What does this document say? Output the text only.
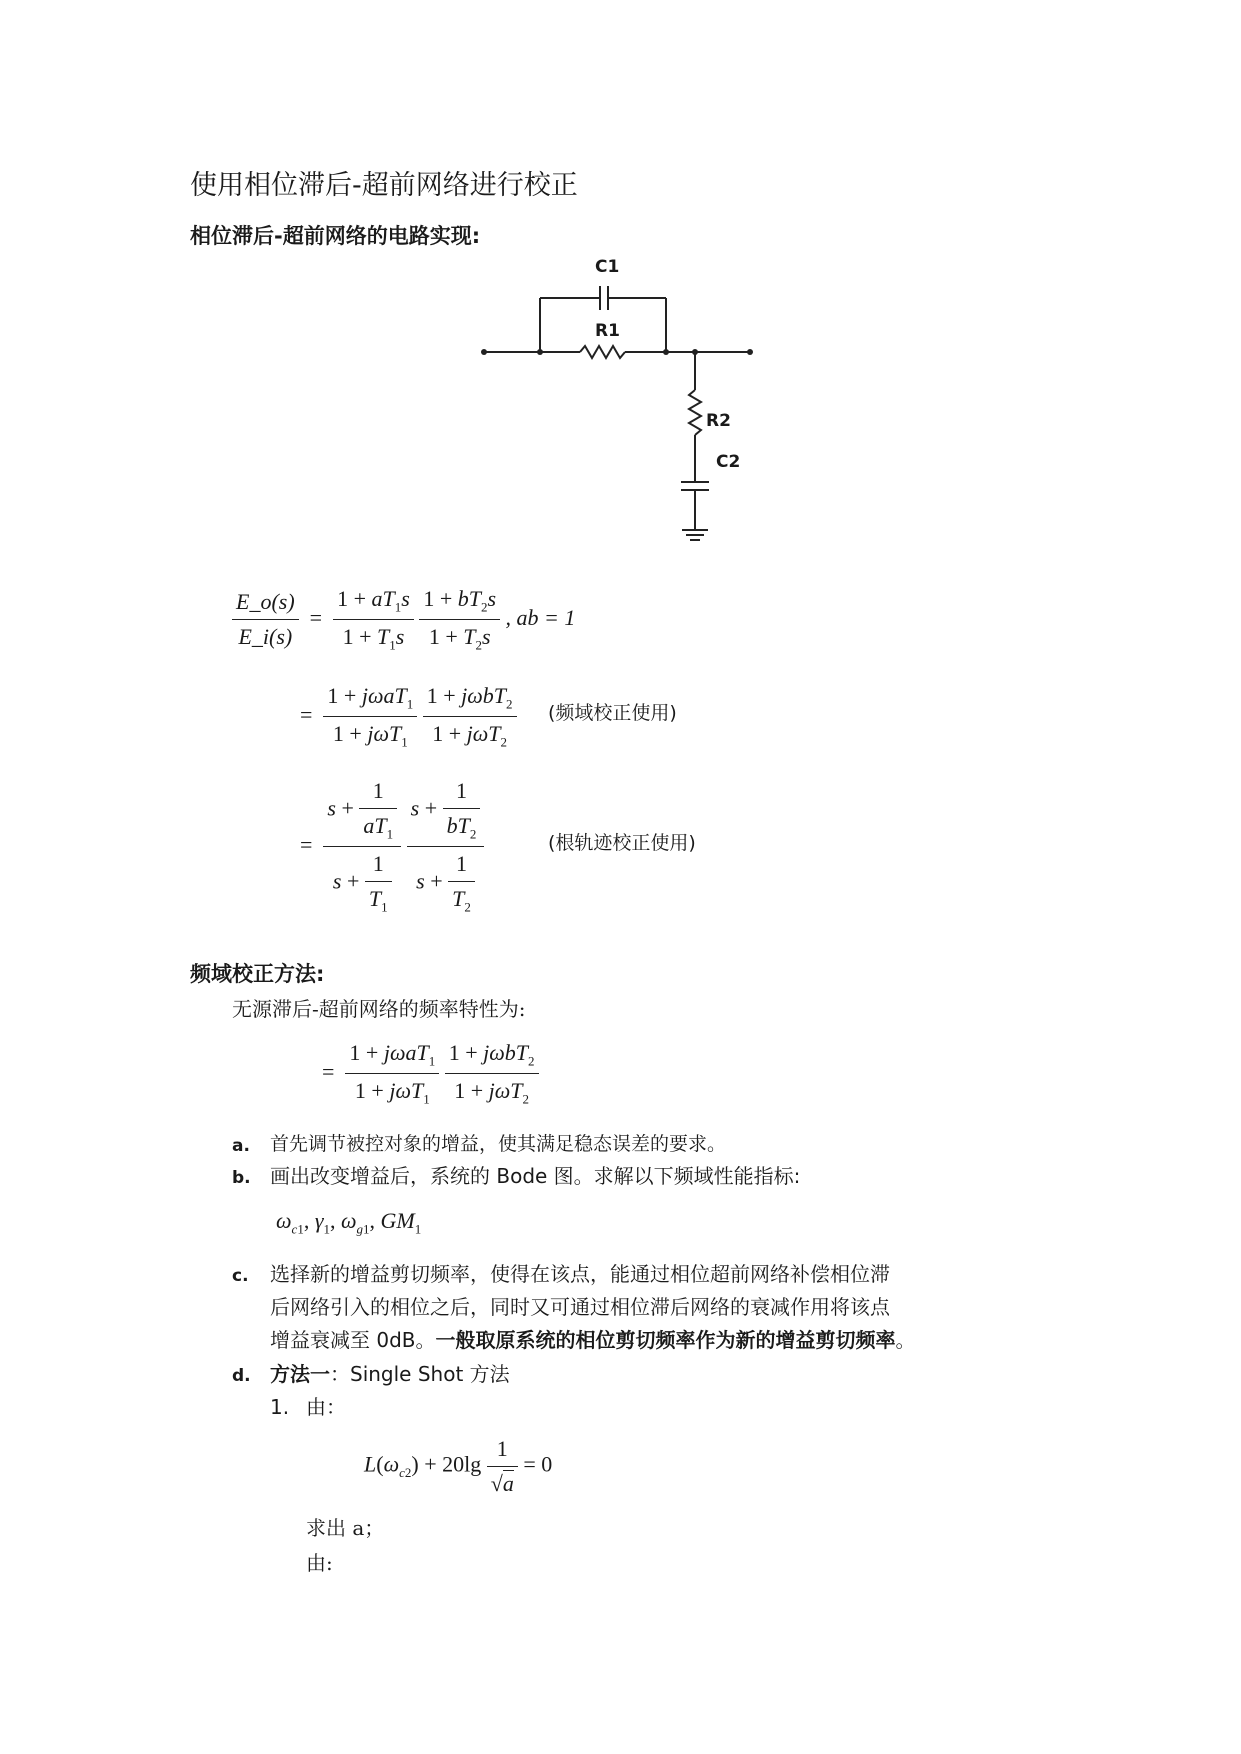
使用相位滞后-超前网络进行校正
相位滞后-超前网络的电路实现:
C1
R1
R2
C2
$\frac{E\_o(s)}{E\_i(s)} = \frac{1 + aT_1s}{1 + T_1s}$
$\frac{1 + bT_2s}{1 + T_2s}$ , ab = 1
= $\frac{1 + j\omega aT_1}{1 + j\omega T_1}$
$\frac{1 + j\omega bT_2}{1 + j\omega T_2}$ (频域校正使用)
= $\frac{s + \frac{1}{aT_1}}{s + \frac{1}{T_1}}$
$\frac{s + \frac{1}{bT_2}}{s + \frac{1}{T_2}}$	(根轨迹校正使用)
频域校正方法:
无源滞后-超前网络的频率特性为:
= $\frac{1 + j\omega aT_1}{1 + j\omega T_1}$
$\frac{1 + j\omega bT_2}{1 + j\omega T_2}$
a. 首先调节被控对象的增益，使其满足稳态误差的要求。
b. 画出改变增益后，系统的 Bode 图。求解以下频域性能指标:
$\omega_{c1}$, $\gamma_1$, $\omega_{g1}$, $GM_1$
c. 选择新的增益剪切频率，使得在该点，能通过相位超前网络补偿相位滞
后网络引入的相位之后，同时又可通过相位滞后网络的衰减作用将该点
增益衰减至 0dB。一般取原系统的相位剪切频率作为新的增益剪切频率。
d. 方法一：Single Shot 方法
1. 由：
$L(\omega_{c2}) + 20\lg \frac{1}{√a} = 0$
求出 a；
由:
